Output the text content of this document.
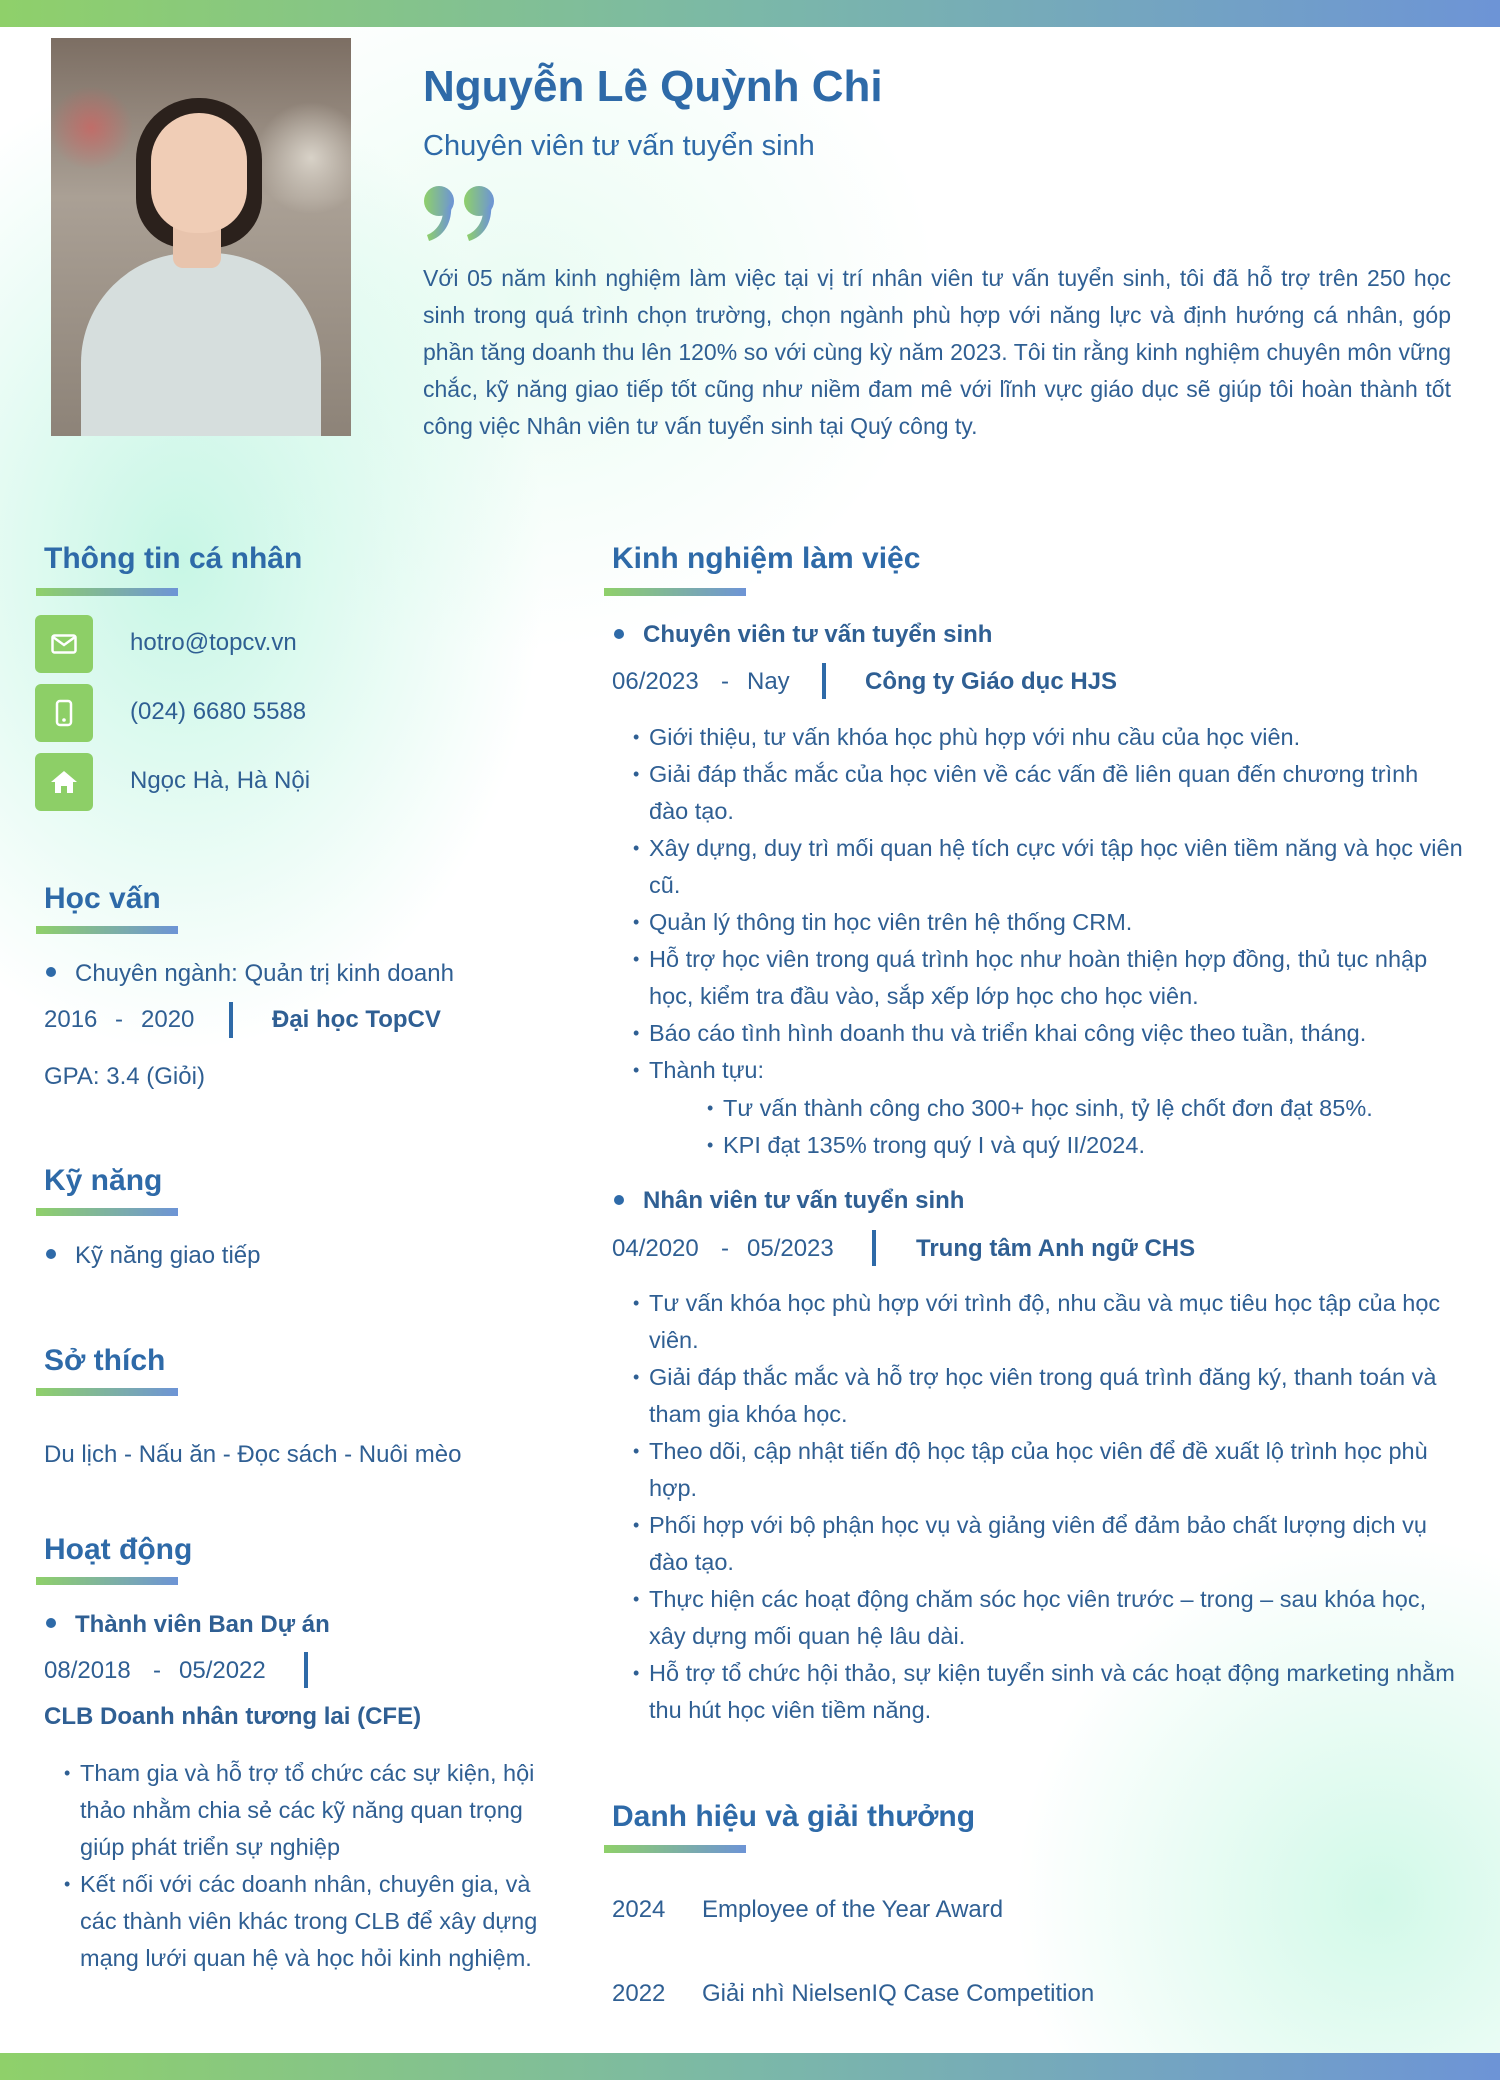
Nguyễn Lê Quỳnh Chi
Chuyên viên tư vấn tuyển sinh

Với 05 năm kinh nghiệm làm việc tại vị trí nhân viên tư vấn tuyển sinh, tôi đã hỗ trợ trên 250 học sinh trong quá trình chọn trường, chọn ngành phù hợp với năng lực và định hướng cá nhân, góp phần tăng doanh thu lên 120% so với cùng kỳ năm 2023. Tôi tin rằng kinh nghiệm chuyên môn vững chắc, kỹ năng giao tiếp tốt cũng như niềm đam mê với lĩnh vực giáo dục sẽ giúp tôi hoàn thành tốt công việc Nhân viên tư vấn tuyển sinh tại Quý công ty.

Thông tin cá nhân
hotro@topcv.vn
(024) 6680 5588
Ngọc Hà, Hà Nội
Học vấn
Chuyên ngành: Quản trị kinh doanh
2016 - 2020	Đại học TopCV
GPA: 3.4 (Giỏi)
Kỹ năng
Kỹ năng giao tiếp
Sở thích
Du lịch - Nấu ăn - Đọc sách - Nuôi mèo
Hoạt động
Thành viên Ban Dự án
08/2018 - 05/2022
CLB Doanh nhân tương lai (CFE)
• Tham gia và hỗ trợ tổ chức các sự kiện, hội thảo nhằm chia sẻ các kỹ năng quan trọng giúp phát triển sự nghiệp
• Kết nối với các doanh nhân, chuyên gia, và các thành viên khác trong CLB để xây dựng mạng lưới quan hệ và học hỏi kinh nghiệm.
Kinh nghiệm làm việc
Chuyên viên tư vấn tuyển sinh
06/2023 - Nay	Công ty Giáo dục HJS
• Giới thiệu, tư vấn khóa học phù hợp với nhu cầu của học viên.
• Giải đáp thắc mắc của học viên về các vấn đề liên quan đến chương trình đào tạo.
• Xây dựng, duy trì mối quan hệ tích cực với tập học viên tiềm năng và học viên cũ.
• Quản lý thông tin học viên trên hệ thống CRM.
• Hỗ trợ học viên trong quá trình học như hoàn thiện hợp đồng, thủ tục nhập học, kiểm tra đầu vào, sắp xếp lớp học cho học viên.
• Báo cáo tình hình doanh thu và triển khai công việc theo tuần, tháng.
• Thành tựu:
• Tư vấn thành công cho 300+ học sinh, tỷ lệ chốt đơn đạt 85%.
• KPI đạt 135% trong quý I và quý II/2024.
Nhân viên tư vấn tuyển sinh
04/2020 - 05/2023	Trung tâm Anh ngữ CHS
• Tư vấn khóa học phù hợp với trình độ, nhu cầu và mục tiêu học tập của học viên.
• Giải đáp thắc mắc và hỗ trợ học viên trong quá trình đăng ký, thanh toán và tham gia khóa học.
• Theo dõi, cập nhật tiến độ học tập của học viên để đề xuất lộ trình học phù hợp.
• Phối hợp với bộ phận học vụ và giảng viên để đảm bảo chất lượng dịch vụ đào tạo.
• Thực hiện các hoạt động chăm sóc học viên trước – trong – sau khóa học, xây dựng mối quan hệ lâu dài.
• Hỗ trợ tổ chức hội thảo, sự kiện tuyển sinh và các hoạt động marketing nhằm thu hút học viên tiềm năng.
Danh hiệu và giải thưởng
2024 Employee of the Year Award
2022 Giải nhì NielsenIQ Case Competition
